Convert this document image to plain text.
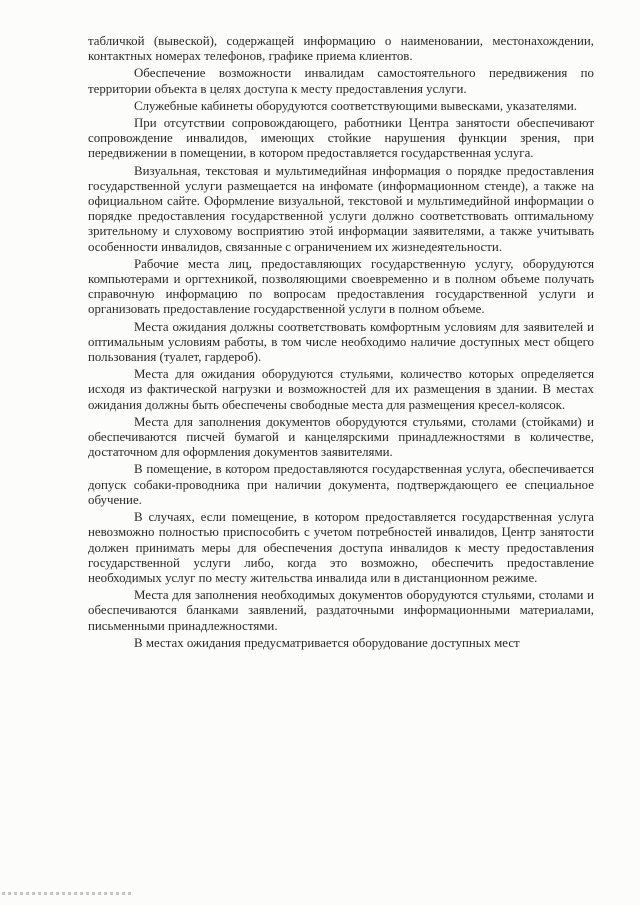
табличкой (вывеской), содержащей информацию о наименовании, местонахождении, контактных номерах телефонов, графике приема клиентов.

Обеспечение возможности инвалидам самостоятельного передвижения по территории объекта в целях доступа к месту предоставления услуги.

Служебные кабинеты оборудуются соответствующими вывесками, указателями.

При отсутствии сопровождающего, работники Центра занятости обеспечивают сопровождение инвалидов, имеющих стойкие нарушения функции зрения, при передвижении в помещении, в котором предоставляется государственная услуга.

Визуальная, текстовая и мультимедийная информация о порядке предоставления государственной услуги размещается на инфомате (информационном стенде), а также на официальном сайте. Оформление визуальной, текстовой и мультимедийной информации о порядке предоставления государственной услуги должно соответствовать оптимальному зрительному и слуховому восприятию этой информации заявителями, а также учитывать особенности инвалидов, связанные с ограничением их жизнедеятельности.

Рабочие места лиц, предоставляющих государственную услугу, оборудуются компьютерами и оргтехникой, позволяющими своевременно и в полном объеме получать справочную информацию по вопросам предоставления государственной услуги и организовать предоставление государственной услуги в полном объеме.

Места ожидания должны соответствовать комфортным условиям для заявителей и оптимальным условиям работы, в том числе необходимо наличие доступных мест общего пользования (туалет, гардероб).

Места для ожидания оборудуются стульями, количество которых определяется исходя из фактической нагрузки и возможностей для их размещения в здании. В местах ожидания должны быть обеспечены свободные места для размещения кресел-колясок.

Места для заполнения документов оборудуются стульями, столами (стойками) и обеспечиваются писчей бумагой и канцелярскими принадлежностями в количестве, достаточном для оформления документов заявителями.

В помещение, в котором предоставляются государственная услуга, обеспечивается допуск собаки-проводника при наличии документа, подтверждающего ее специальное обучение.

В случаях, если помещение, в котором предоставляется государственная услуга невозможно полностью приспособить с учетом потребностей инвалидов, Центр занятости должен принимать меры для обеспечения доступа инвалидов к месту предоставления государственной услуги либо, когда это возможно, обеспечить предоставление необходимых услуг по месту жительства инвалида или в дистанционном режиме.

Места для заполнения необходимых документов оборудуются стульями, столами и обеспечиваются бланками заявлений, раздаточными информационными материалами, письменными принадлежностями.

В местах ожидания предусматривается оборудование доступных мест
